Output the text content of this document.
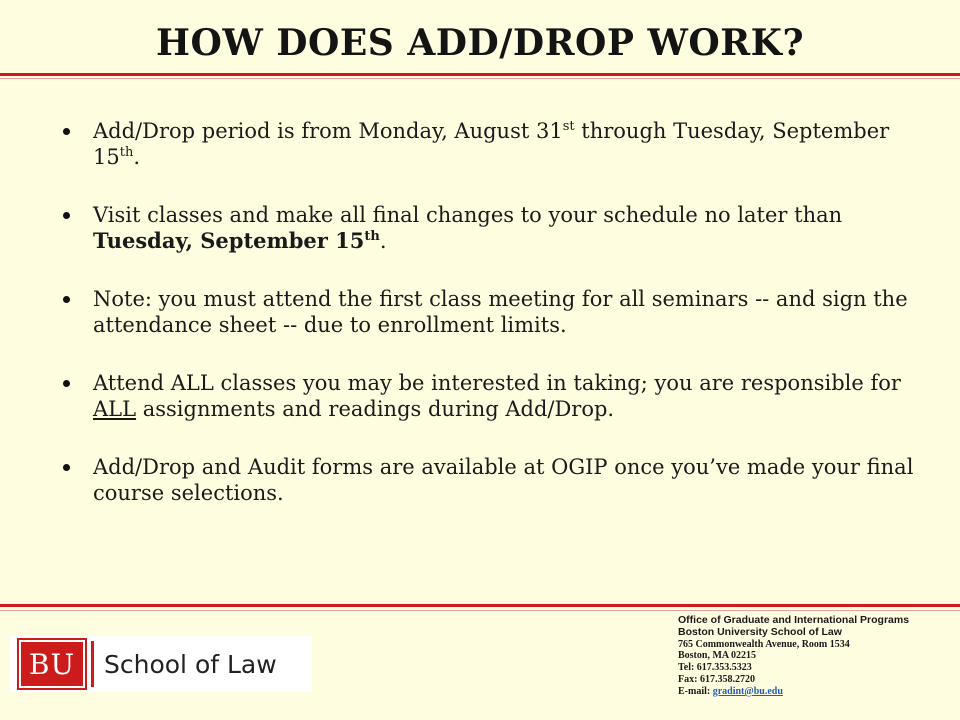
HOW DOES ADD/DROP WORK?
Add/Drop period is from Monday, August 31st through Tuesday, September 15th.
Visit classes and make all final changes to your schedule no later than Tuesday, September 15th.
Note: you must attend the first class meeting for all seminars -- and sign the attendance sheet -- due to enrollment limits.
Attend ALL classes you may be interested in taking; you are responsible for ALL assignments and readings during Add/Drop.
Add/Drop and Audit forms are available at OGIP once you’ve made your final course selections.
BU	School of Law
Office of Graduate and International Programs
Boston University School of Law
765 Commonwealth Avenue, Room 1534
Boston, MA 02215
Tel: 617.353.5323
Fax: 617.358.2720
E-mail: gradint@bu.edu
